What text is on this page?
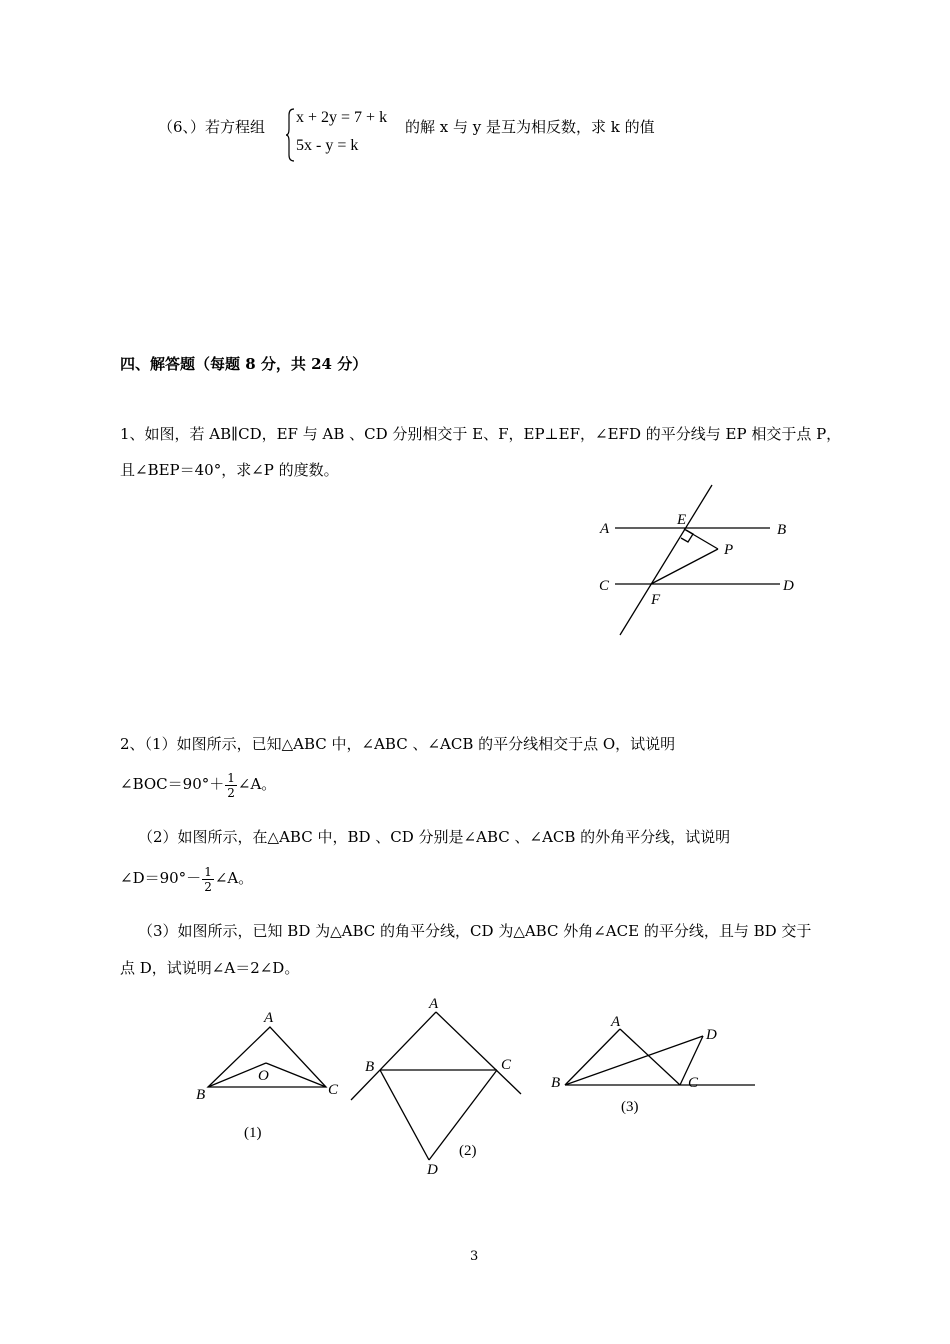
（6、）若方程组
x + 2y = 7 + k
5x - y = k
的解 x 与 y 是互为相反数，求 k 的值
四、解答题（每题 8 分，共 24 分）
1、如图，若 AB∥CD，EF 与 AB 、CD 分别相交于 E、F，EP⊥EF，∠EFD 的平分线与 EP 相交于点 P，
且∠BEP＝40°，求∠P 的度数。
A	B
C	D
E
F
P
2、（1）如图所示，已知△ABC 中，∠ABC 、∠ACB 的平分线相交于点 O，试说明
∠BOC＝90°＋ $\frac{1}{2}$ ∠A。
（2）如图所示，在△ABC 中，BD 、CD 分别是∠ABC 、∠ACB 的外角平分线，试说明
∠D＝90°－ $\frac{1}{2}$ ∠A。
（3）如图所示，已知 BD 为△ABC 的角平分线，CD 为△ABC 外角∠ACE 的平分线，且与 BD 交于
点 D，试说明∠A＝2∠D。
A
B	C
O
(1)
A
B	C
D
(2)
A
B	C
D
(3)
3
